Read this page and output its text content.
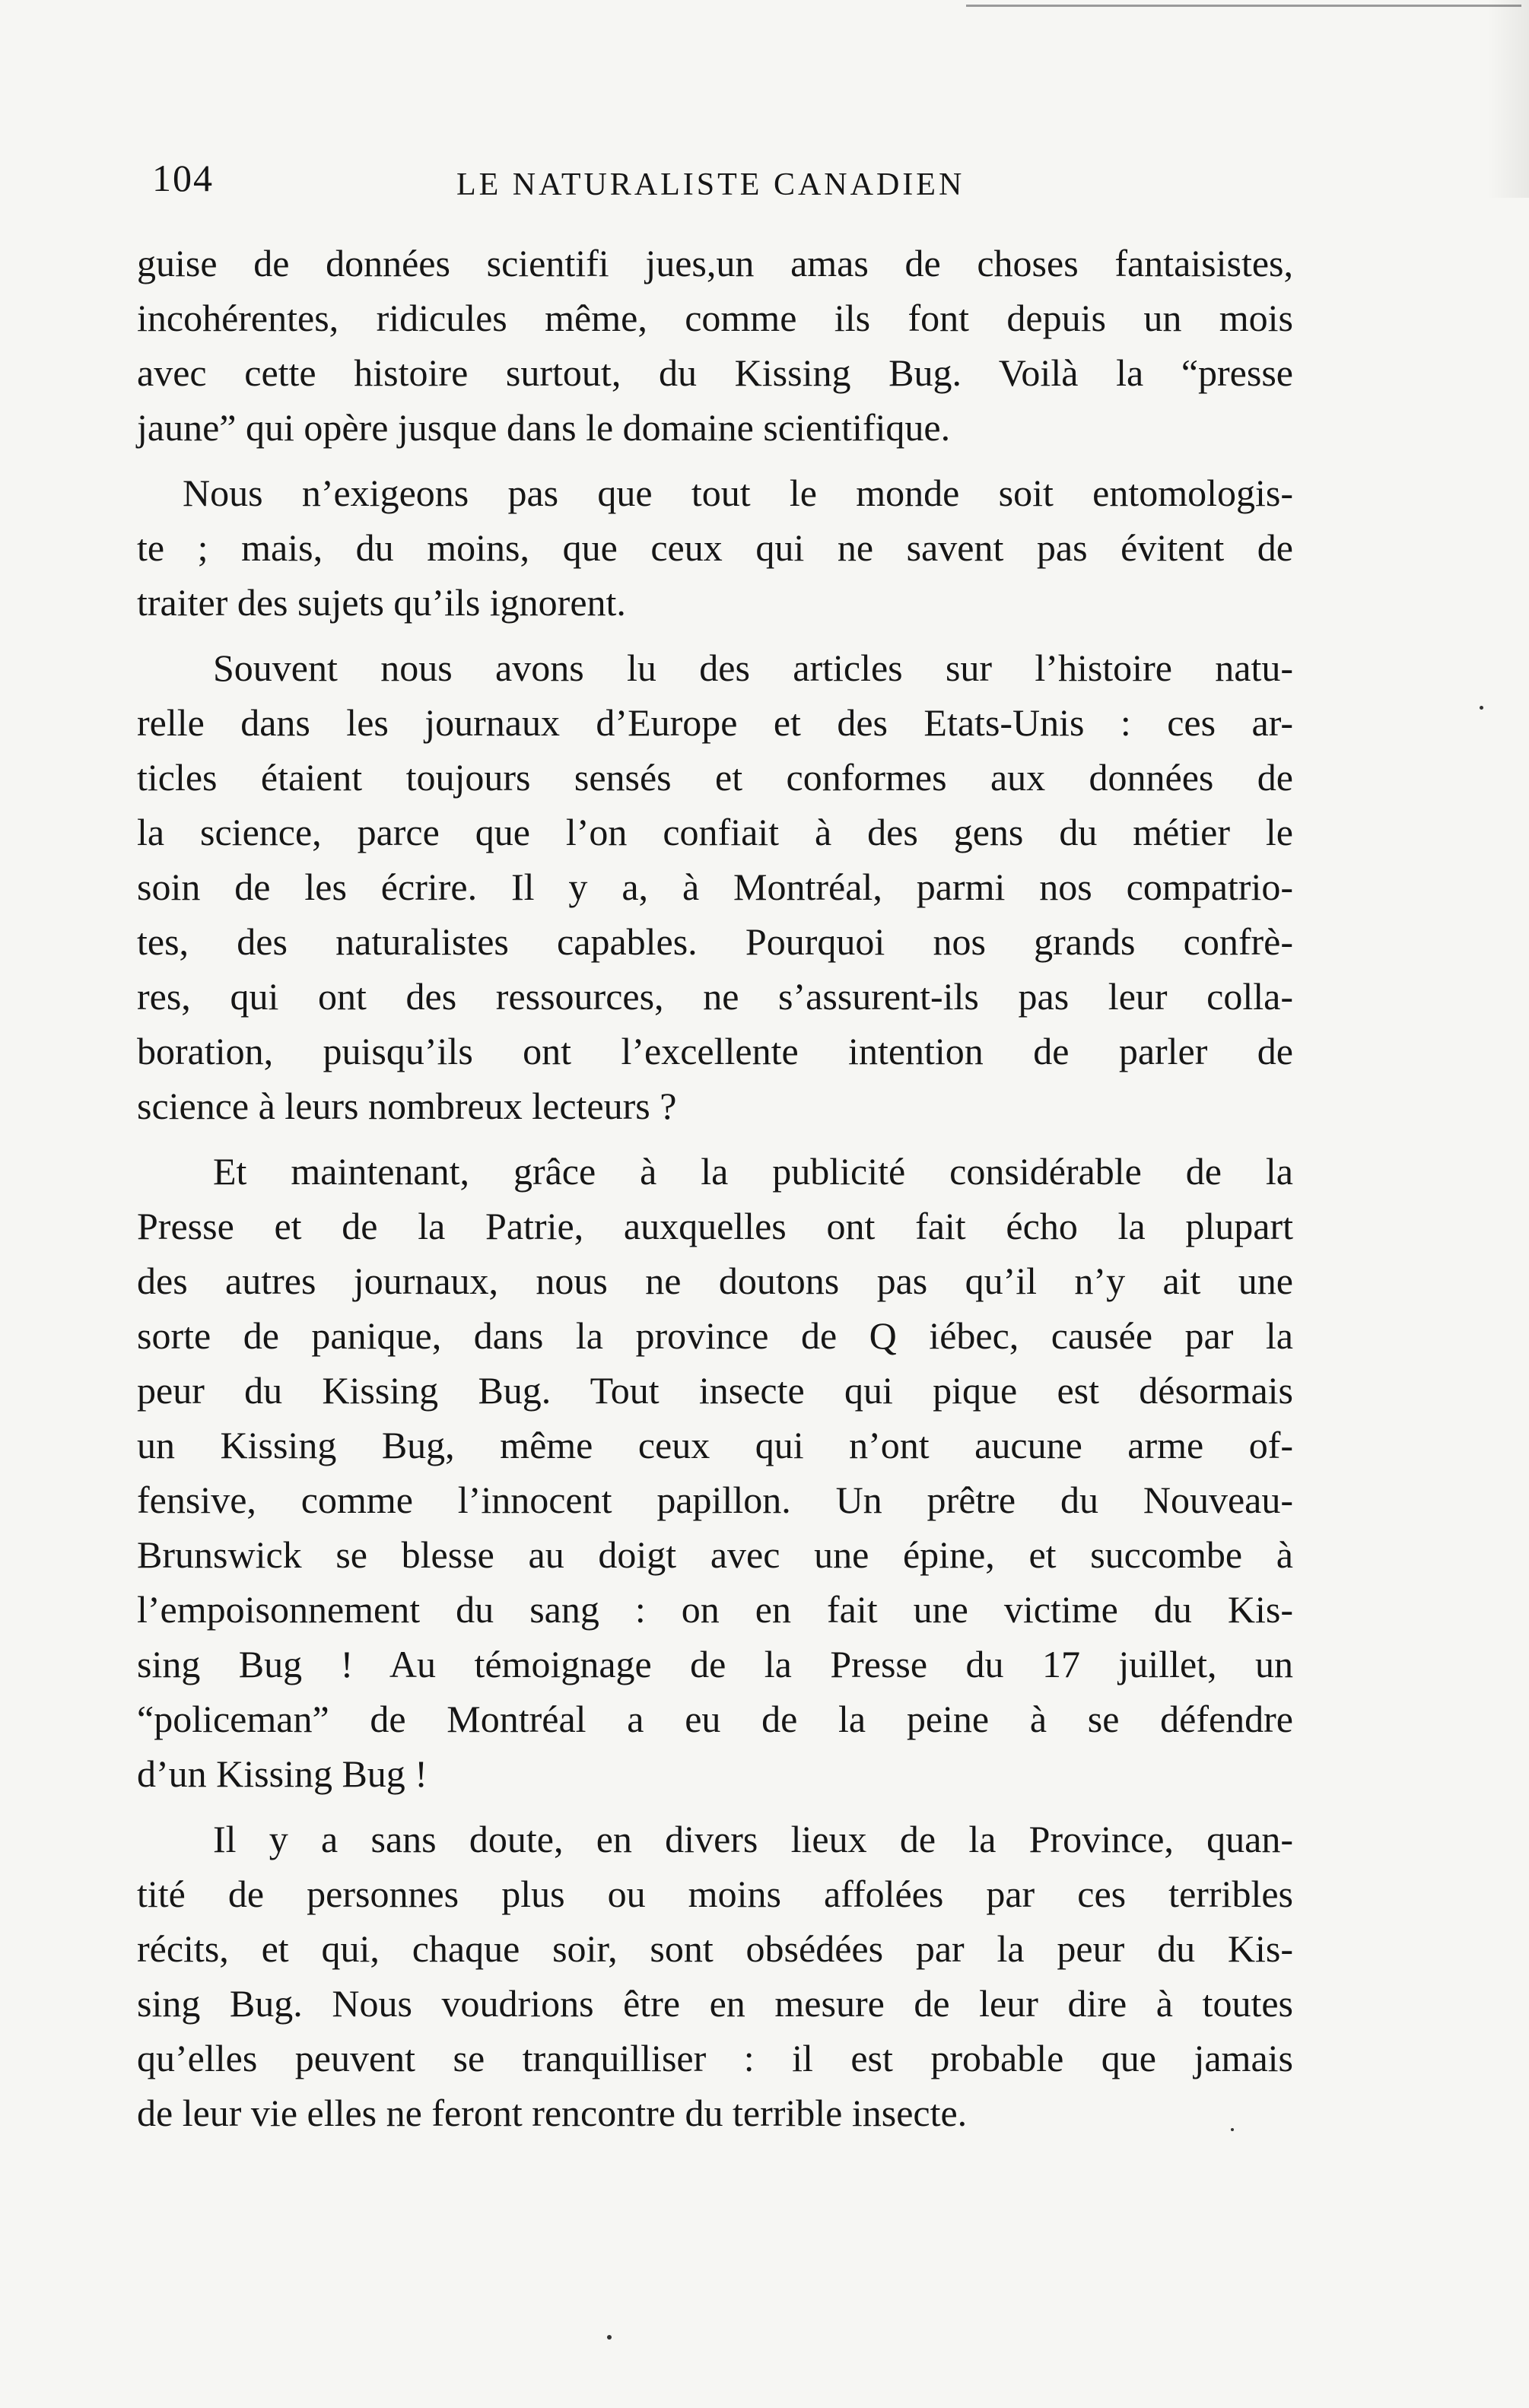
104	LE NATURALISTE CANADIEN

guise de données scientifi jues,un amas de choses fantaisistes,
incohérentes, ridicules même, comme ils font depuis un mois
avec cette histoire surtout, du Kissing Bug. Voilà la “presse
jaune” qui opère jusque dans le domaine scientifique.

Nous n’exigeons pas que tout le monde soit entomologis-
te ; mais, du moins, que ceux qui ne savent pas évitent de
traiter des sujets qu’ils ignorent.

Souvent nous avons lu des articles sur l’histoire natu-
relle dans les journaux d’Europe et des Etats-Unis : ces ar-
ticles étaient toujours sensés et conformes aux données de
la science, parce que l’on confiait à des gens du métier le
soin de les écrire. Il y a, à Montréal, parmi nos compatrio-
tes, des naturalistes capables. Pourquoi nos grands confrè-
res, qui ont des ressources, ne s’assurent-ils pas leur colla-
boration, puisqu’ils ont l’excellente intention de parler de
science à leurs nombreux lecteurs ?

Et maintenant, grâce à la publicité considérable de la
Presse et de la Patrie, auxquelles ont fait écho la plupart
des autres journaux, nous ne doutons pas qu’il n’y ait une
sorte de panique, dans la province de Q iébec, causée par la
peur du Kissing Bug. Tout insecte qui pique est désormais
un Kissing Bug, même ceux qui n’ont aucune arme of-
fensive, comme l’innocent papillon. Un prêtre du Nouveau-
Brunswick se blesse au doigt avec une épine, et succombe à
l’empoisonnement du sang : on en fait une victime du Kis-
sing Bug ! Au témoignage de la Presse du 17 juillet, un
“policeman” de Montréal a eu de la peine à se défendre
d’un Kissing Bug !

Il y a sans doute, en divers lieux de la Province, quan-
tité de personnes plus ou moins affolées par ces terribles
récits, et qui, chaque soir, sont obsédées par la peur du Kis-
sing Bug. Nous voudrions être en mesure de leur dire à toutes
qu’elles peuvent se tranquilliser : il est probable que jamais
de leur vie elles ne feront rencontre du terrible insecte.
